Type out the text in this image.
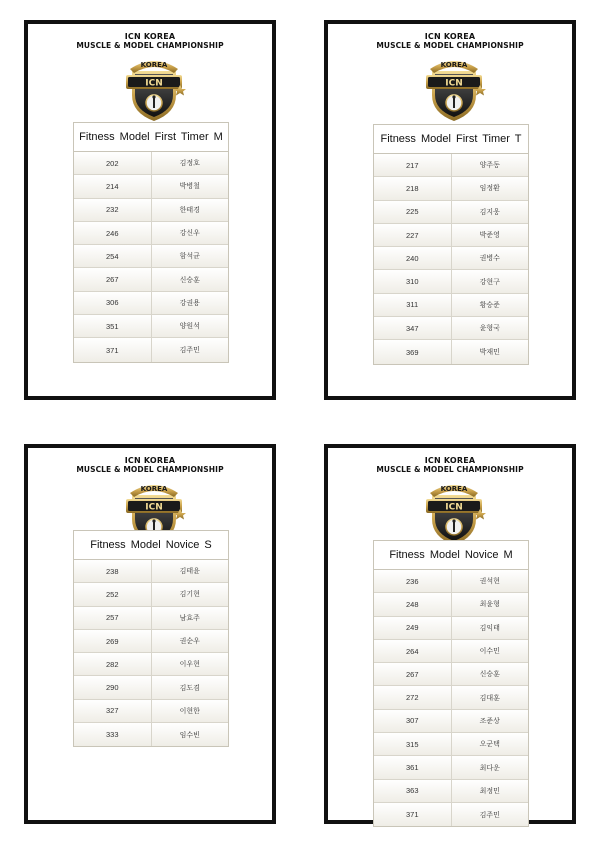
ICN KOREA
MUSCLE & MODEL CHAMPIONSHIP
KOREA
ICN
Fitness Model First Timer M
202	김정호
214	박병철
232	한태경
246	강신우
254	함석균
267	신승훈
306	강권용
351	양원석
371	김주민
ICN KOREA
MUSCLE & MODEL CHAMPIONSHIP
KOREA
ICN
Fitness Model First Timer T
217	양주동
218	임정환
225	김지웅
227	박준영
240	권병수
310	강현구
311	황승준
347	윤형국
369	박재민
ICN KOREA
MUSCLE & MODEL CHAMPIONSHIP
KOREA
ICN
Fitness Model Novice S
238	김태윤
252	김기현
257	남효주
269	권순우
282	이우현
290	김도겸
327	이현한
333	임수빈
ICN KOREA
MUSCLE & MODEL CHAMPIONSHIP
KOREA
ICN
Fitness Model Novice M
236	권석현
248	최윤형
249	김익태
264	이수민
267	신승훈
272	김대훈
307	조준상
315	오군택
361	최다운
363	최정민
371	김주민
